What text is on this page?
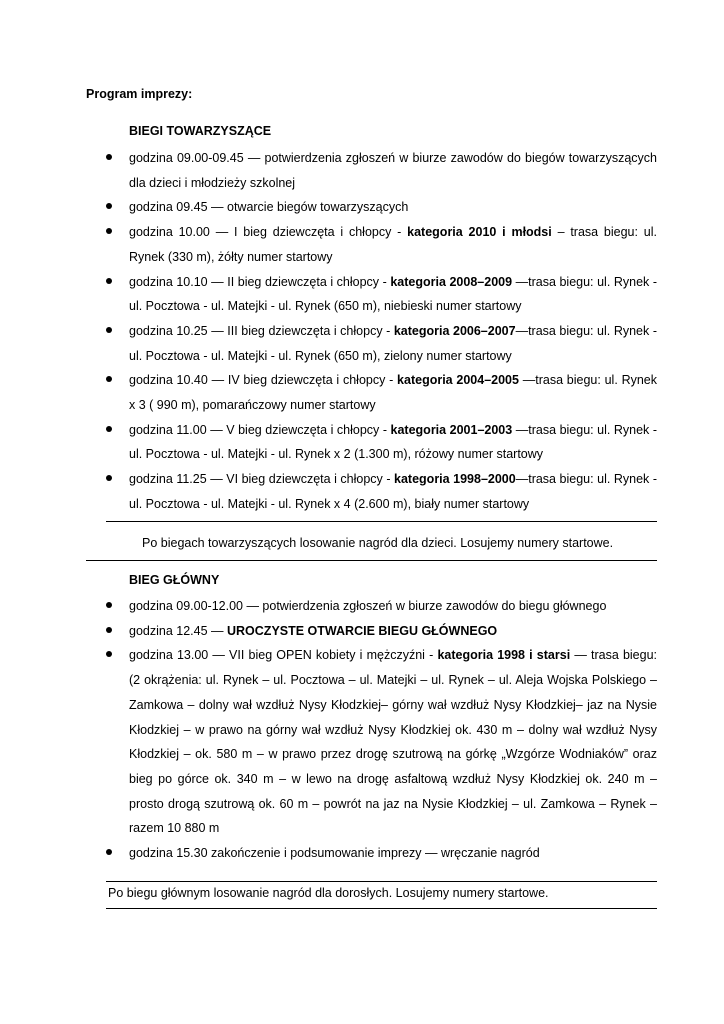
Program imprezy:
BIEGI TOWARZYSZĄCE
godzina 09.00-09.45 — potwierdzenia zgłoszeń w biurze zawodów do biegów towarzyszących dla dzieci i młodzieży szkolnej
godzina 09.45 — otwarcie biegów towarzyszących
godzina 10.00 — I bieg dziewczęta i chłopcy - kategoria 2010 i młodsi – trasa biegu: ul. Rynek (330 m), żółty numer startowy
godzina 10.10 — II bieg dziewczęta i chłopcy - kategoria 2008–2009 —trasa biegu: ul. Rynek - ul. Pocztowa - ul. Matejki - ul. Rynek (650 m), niebieski numer startowy
godzina 10.25 — III bieg dziewczęta i chłopcy - kategoria 2006–2007—trasa biegu: ul. Rynek - ul. Pocztowa - ul. Matejki - ul. Rynek (650 m), zielony numer startowy
godzina 10.40 — IV bieg dziewczęta i chłopcy - kategoria 2004–2005 —trasa biegu: ul. Rynek x 3 ( 990 m), pomarańczowy numer startowy
godzina 11.00 — V bieg dziewczęta i chłopcy - kategoria 2001–2003 —trasa biegu: ul. Rynek - ul. Pocztowa - ul. Matejki - ul. Rynek x 2 (1.300 m), różowy numer startowy
godzina 11.25 — VI bieg dziewczęta i chłopcy - kategoria 1998–2000—trasa biegu: ul. Rynek - ul. Pocztowa - ul. Matejki - ul. Rynek x 4 (2.600 m), biały numer startowy
Po biegach towarzyszących losowanie nagród dla dzieci. Losujemy numery startowe.
BIEG GŁÓWNY
godzina 09.00-12.00 — potwierdzenia zgłoszeń w biurze zawodów do biegu głównego
godzina 12.45 — UROCZYSTE OTWARCIE BIEGU GŁÓWNEGO
godzina 13.00 — VII bieg OPEN kobiety i mężczyźni - kategoria 1998 i starsi — trasa biegu: (2 okrążenia: ul. Rynek – ul. Pocztowa – ul. Matejki – ul. Rynek – ul. Aleja Wojska Polskiego – Zamkowa – dolny wał wzdłuż Nysy Kłodzkiej– górny wał wzdłuż Nysy Kłodzkiej– jaz na Nysie Kłodzkiej – w prawo na górny wał wzdłuż Nysy Kłodzkiej ok. 430 m – dolny wał wzdłuż Nysy Kłodzkiej – ok. 580 m – w prawo przez drogę szutrową na górkę „Wzgórze Wodniaków” oraz bieg po górce ok. 340 m – w lewo na drogę asfaltową wzdłuż Nysy Kłodzkiej ok. 240 m – prosto drogą szutrową ok. 60 m – powrót na jaz na Nysie Kłodzkiej – ul. Zamkowa – Rynek – razem 10 880 m
godzina 15.30 zakończenie i podsumowanie imprezy — wręczanie nagród
Po biegu głównym losowanie nagród dla dorosłych. Losujemy numery startowe.
